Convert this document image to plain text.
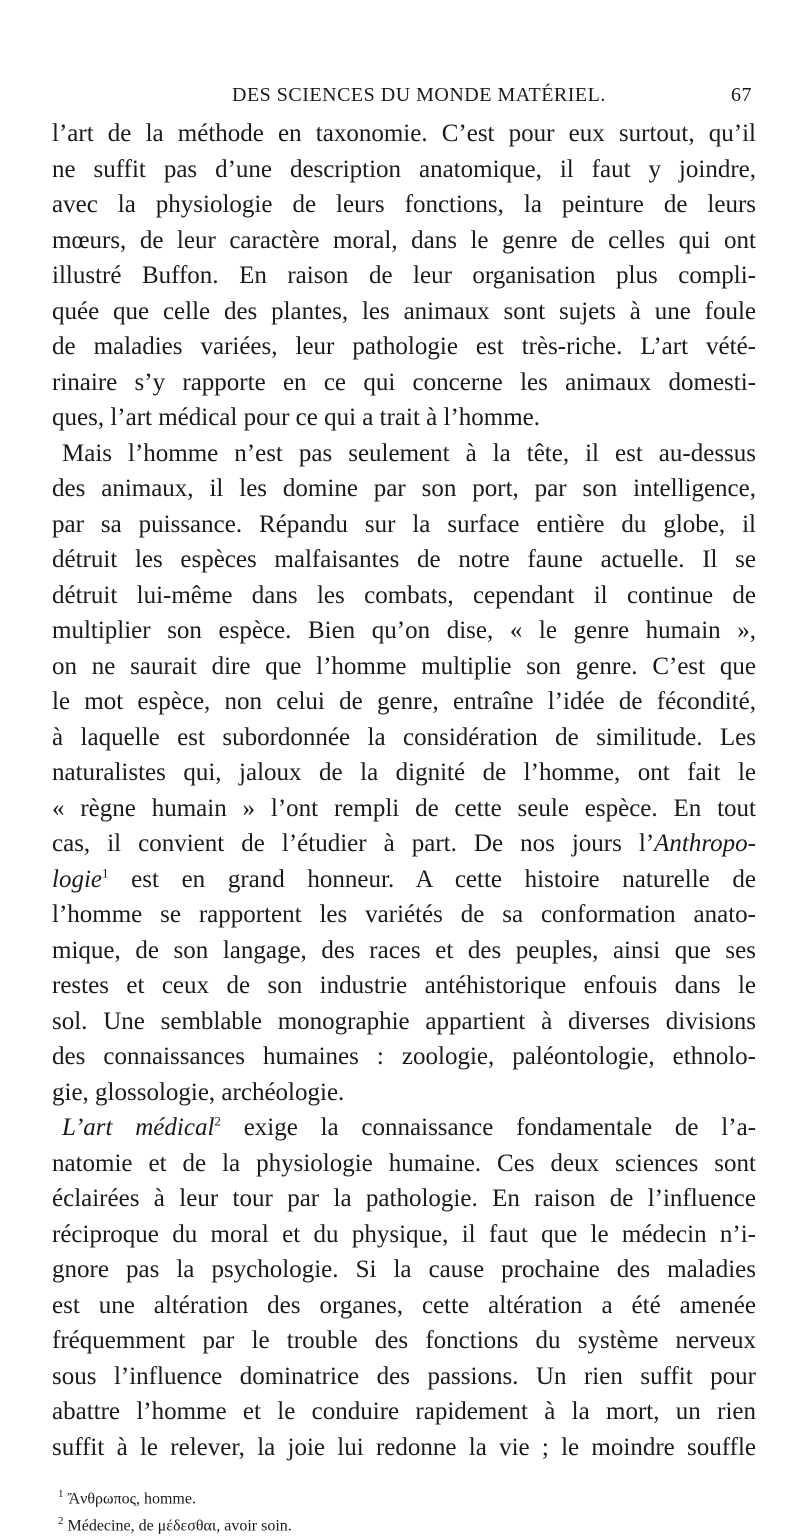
DES SCIENCES DU MONDE MATÉRIEL.	67

l’art de la méthode en taxonomie. C’est pour eux surtout, qu’il
ne suffit pas d’une description anatomique, il faut y joindre,
avec la physiologie de leurs fonctions, la peinture de leurs
mœurs, de leur caractère moral, dans le genre de celles qui ont
illustré Buffon. En raison de leur organisation plus compli-
quée que celle des plantes, les animaux sont sujets à une foule
de maladies variées, leur pathologie est très-riche. L’art vété-
rinaire s’y rapporte en ce qui concerne les animaux domesti-
ques, l’art médical pour ce qui a trait à l’homme.

Mais l’homme n’est pas seulement à la tête, il est au-dessus
des animaux, il les domine par son port, par son intelligence,
par sa puissance. Répandu sur la surface entière du globe, il
détruit les espèces malfaisantes de notre faune actuelle. Il se
détruit lui-même dans les combats, cependant il continue de
multiplier son espèce. Bien qu’on dise, « le genre humain »,
on ne saurait dire que l’homme multiplie son genre. C’est que
le mot espèce, non celui de genre, entraîne l’idée de fécondité,
à laquelle est subordonnée la considération de similitude. Les
naturalistes qui, jaloux de la dignité de l’homme, ont fait le
« règne humain » l’ont rempli de cette seule espèce. En tout
cas, il convient de l’étudier à part. De nos jours l’Anthropo-
logie$^1$ est en grand honneur. A cette histoire naturelle de
l’homme se rapportent les variétés de sa conformation anato-
mique, de son langage, des races et des peuples, ainsi que ses
restes et ceux de son industrie antéhistorique enfouis dans le
sol. Une semblable monographie appartient à diverses divisions
des connaissances humaines : zoologie, paléontologie, ethnolo-
gie, glossologie, archéologie.

L’art médical$^2$ exige la connaissance fondamentale de l’a-
natomie et de la physiologie humaine. Ces deux sciences sont
éclairées à leur tour par la pathologie. En raison de l’influence
réciproque du moral et du physique, il faut que le médecin n’i-
gnore pas la psychologie. Si la cause prochaine des maladies
est une altération des organes, cette altération a été amenée
fréquemment par le trouble des fonctions du système nerveux
sous l’influence dominatrice des passions. Un rien suffit pour
abattre l’homme et le conduire rapidement à la mort, un rien
suffit à le relever, la joie lui redonne la vie ; le moindre souffle

$^1$ Ἄνθρωπος, homme.
$^2$ Médecine, de μέδεσθαι, avoir soin.
